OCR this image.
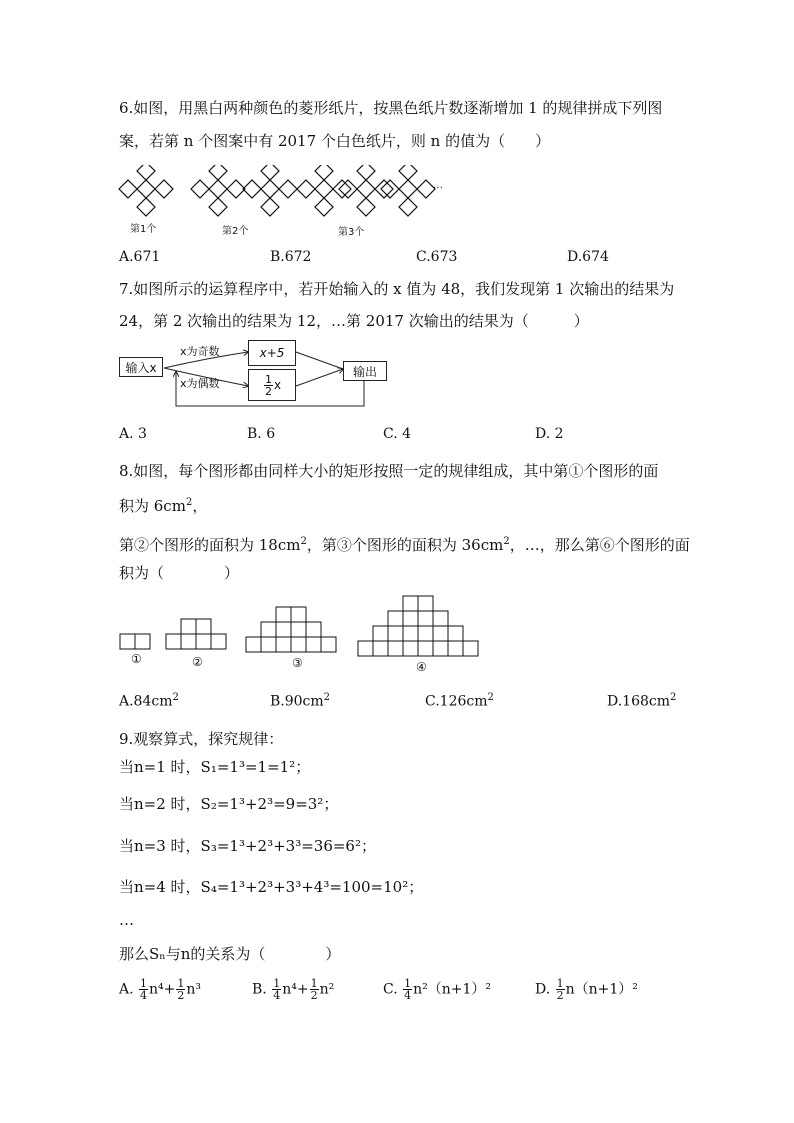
6.如图，用黑白两种颜色的菱形纸片，按黑色纸片数逐渐增加 1 的规律拼成下列图
案，若第 n 个图案中有 2017 个白色纸片，则 n 的值为（　　）
第1个	第2个	第3个
…
A.671	B.672	C.673	D.674
7.如图所示的运算程序中，若开始输入的 x 值为 48，我们发现第 1 次输出的结果为
24，第 2 次输出的结果为 12，…第 2017 次输出的结果为（　　　）
输入x
x为奇数
x为偶数
x+5
$\frac{1}{2}$ x
输出
A. 3	B. 6	C. 4	D. 2
8.如图，每个图形都由同样大小的矩形按照一定的规律组成，其中第①个图形的面
积为 $6cm^2$，
第②个图形的面积为 $18cm^2$，第③个图形的面积为 $36cm^2$，…，那么第⑥个图形的面
积为（　　　　）
①	②	③	④
$A.84cm^2$	$B.90cm^2$	$C.126cm^2$	$D.168cm^2$
9.观察算式，探究规律：
当n=1 时，S₁=1³=1=1²；
当n=2 时，S₂=1³+2³=9=3²；
当n=3 时，S₃=1³+2³+3³=36=6²；
当n=4 时，S₄=1³+2³+3³+4³=100=10²；
…
那么Sₙ与n的关系为（　　　　）
A. $\frac{1}{4} n^4+ \frac{1}{2} n^3$	B. $\frac{1}{4} n^4+ \frac{1}{2} n^2$	C. $\frac{1}{4} n^2(n+1)^2$	D. $\frac{1}{2} n(n+1)^2$
